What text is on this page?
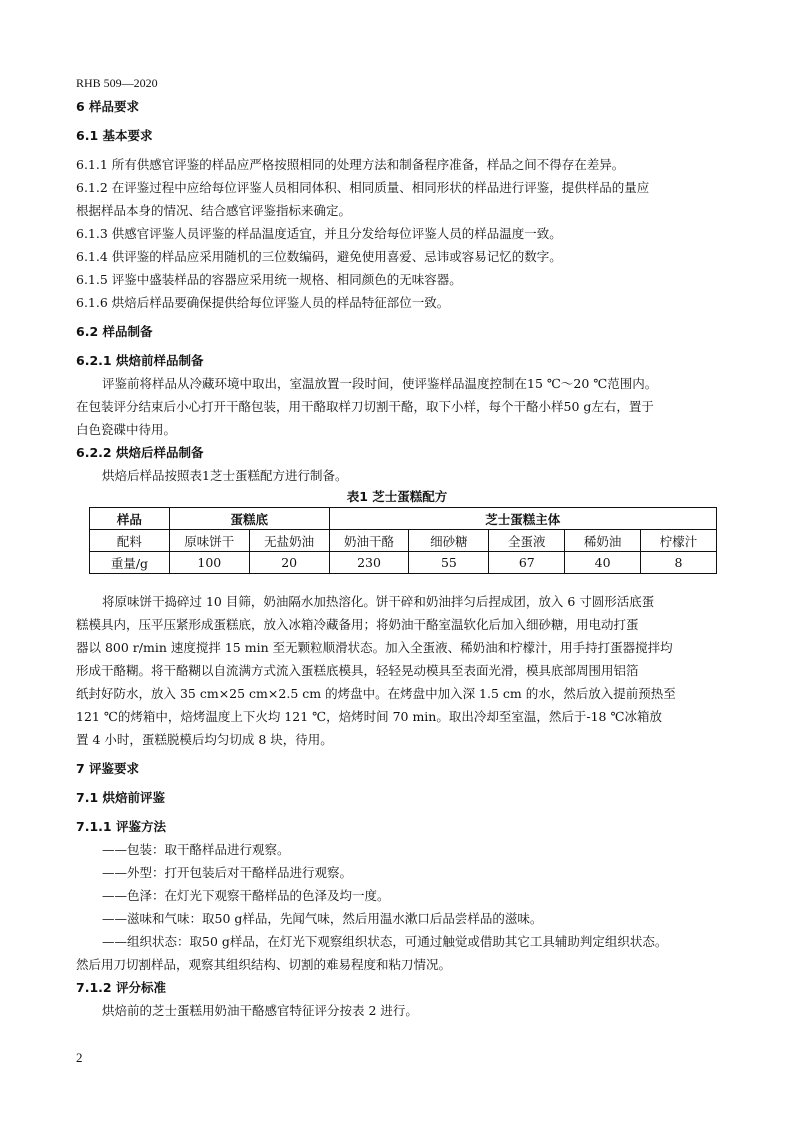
RHB 509—2020
6 样品要求
6.1 基本要求
6.1.1 所有供感官评鉴的样品应严格按照相同的处理方法和制备程序准备，样品之间不得存在差异。
6.1.2 在评鉴过程中应给每位评鉴人员相同体积、相同质量、相同形状的样品进行评鉴，提供样品的量应
根据样品本身的情况、结合感官评鉴指标来确定。
6.1.3 供感官评鉴人员评鉴的样品温度适宜，并且分发给每位评鉴人员的样品温度一致。
6.1.4 供评鉴的样品应采用随机的三位数编码，避免使用喜爱、忌讳或容易记忆的数字。
6.1.5 评鉴中盛装样品的容器应采用统一规格、相同颜色的无味容器。
6.1.6 烘焙后样品要确保提供给每位评鉴人员的样品特征部位一致。
6.2 样品制备
6.2.1 烘焙前样品制备
评鉴前将样品从冷藏环境中取出，室温放置一段时间，使评鉴样品温度控制在15 ℃～20 ℃范围内。
在包装评分结束后小心打开干酪包装，用干酪取样刀切割干酪，取下小样，每个干酪小样50 g左右，置于
白色瓷碟中待用。
6.2.2 烘焙后样品制备
烘焙后样品按照表1芝士蛋糕配方进行制备。
表1 芝士蛋糕配方
样品	蛋糕底		芝士蛋糕主体				
配料	原味饼干	无盐奶油	奶油干酪	细砂糖	全蛋液	稀奶油	柠檬汁
重量/g	100	20	230	55	67	40	8
将原味饼干捣碎过 10 目筛，奶油隔水加热溶化。饼干碎和奶油拌匀后捏成团，放入 6 寸圆形活底蛋
糕模具内，压平压紧形成蛋糕底，放入冰箱冷藏备用；将奶油干酪室温软化后加入细砂糖，用电动打蛋
器以 800 r/min 速度搅拌 15 min 至无颗粒顺滑状态。加入全蛋液、稀奶油和柠檬汁，用手持打蛋器搅拌均
形成干酪糊。将干酪糊以自流满方式流入蛋糕底模具，轻轻晃动模具至表面光滑，模具底部周围用铝箔
纸封好防水，放入 35 cm×25 cm×2.5 cm 的烤盘中。在烤盘中加入深 1.5 cm 的水，然后放入提前预热至
121 ℃的烤箱中，焙烤温度上下火均 121 ℃，焙烤时间 70 min。取出冷却至室温，然后于-18 ℃冰箱放
置 4 小时，蛋糕脱模后均匀切成 8 块，待用。
7 评鉴要求
7.1 烘焙前评鉴
7.1.1 评鉴方法
——包装：取干酪样品进行观察。
——外型：打开包装后对干酪样品进行观察。
——色泽：在灯光下观察干酪样品的色泽及均一度。
——滋味和气味：取50 g样品，先闻气味，然后用温水漱口后品尝样品的滋味。
——组织状态：取50 g样品，在灯光下观察组织状态，可通过触觉或借助其它工具辅助判定组织状态。
然后用刀切割样品，观察其组织结构、切割的难易程度和粘刀情况。
7.1.2 评分标准
烘焙前的芝士蛋糕用奶油干酪感官特征评分按表 2 进行。
2
